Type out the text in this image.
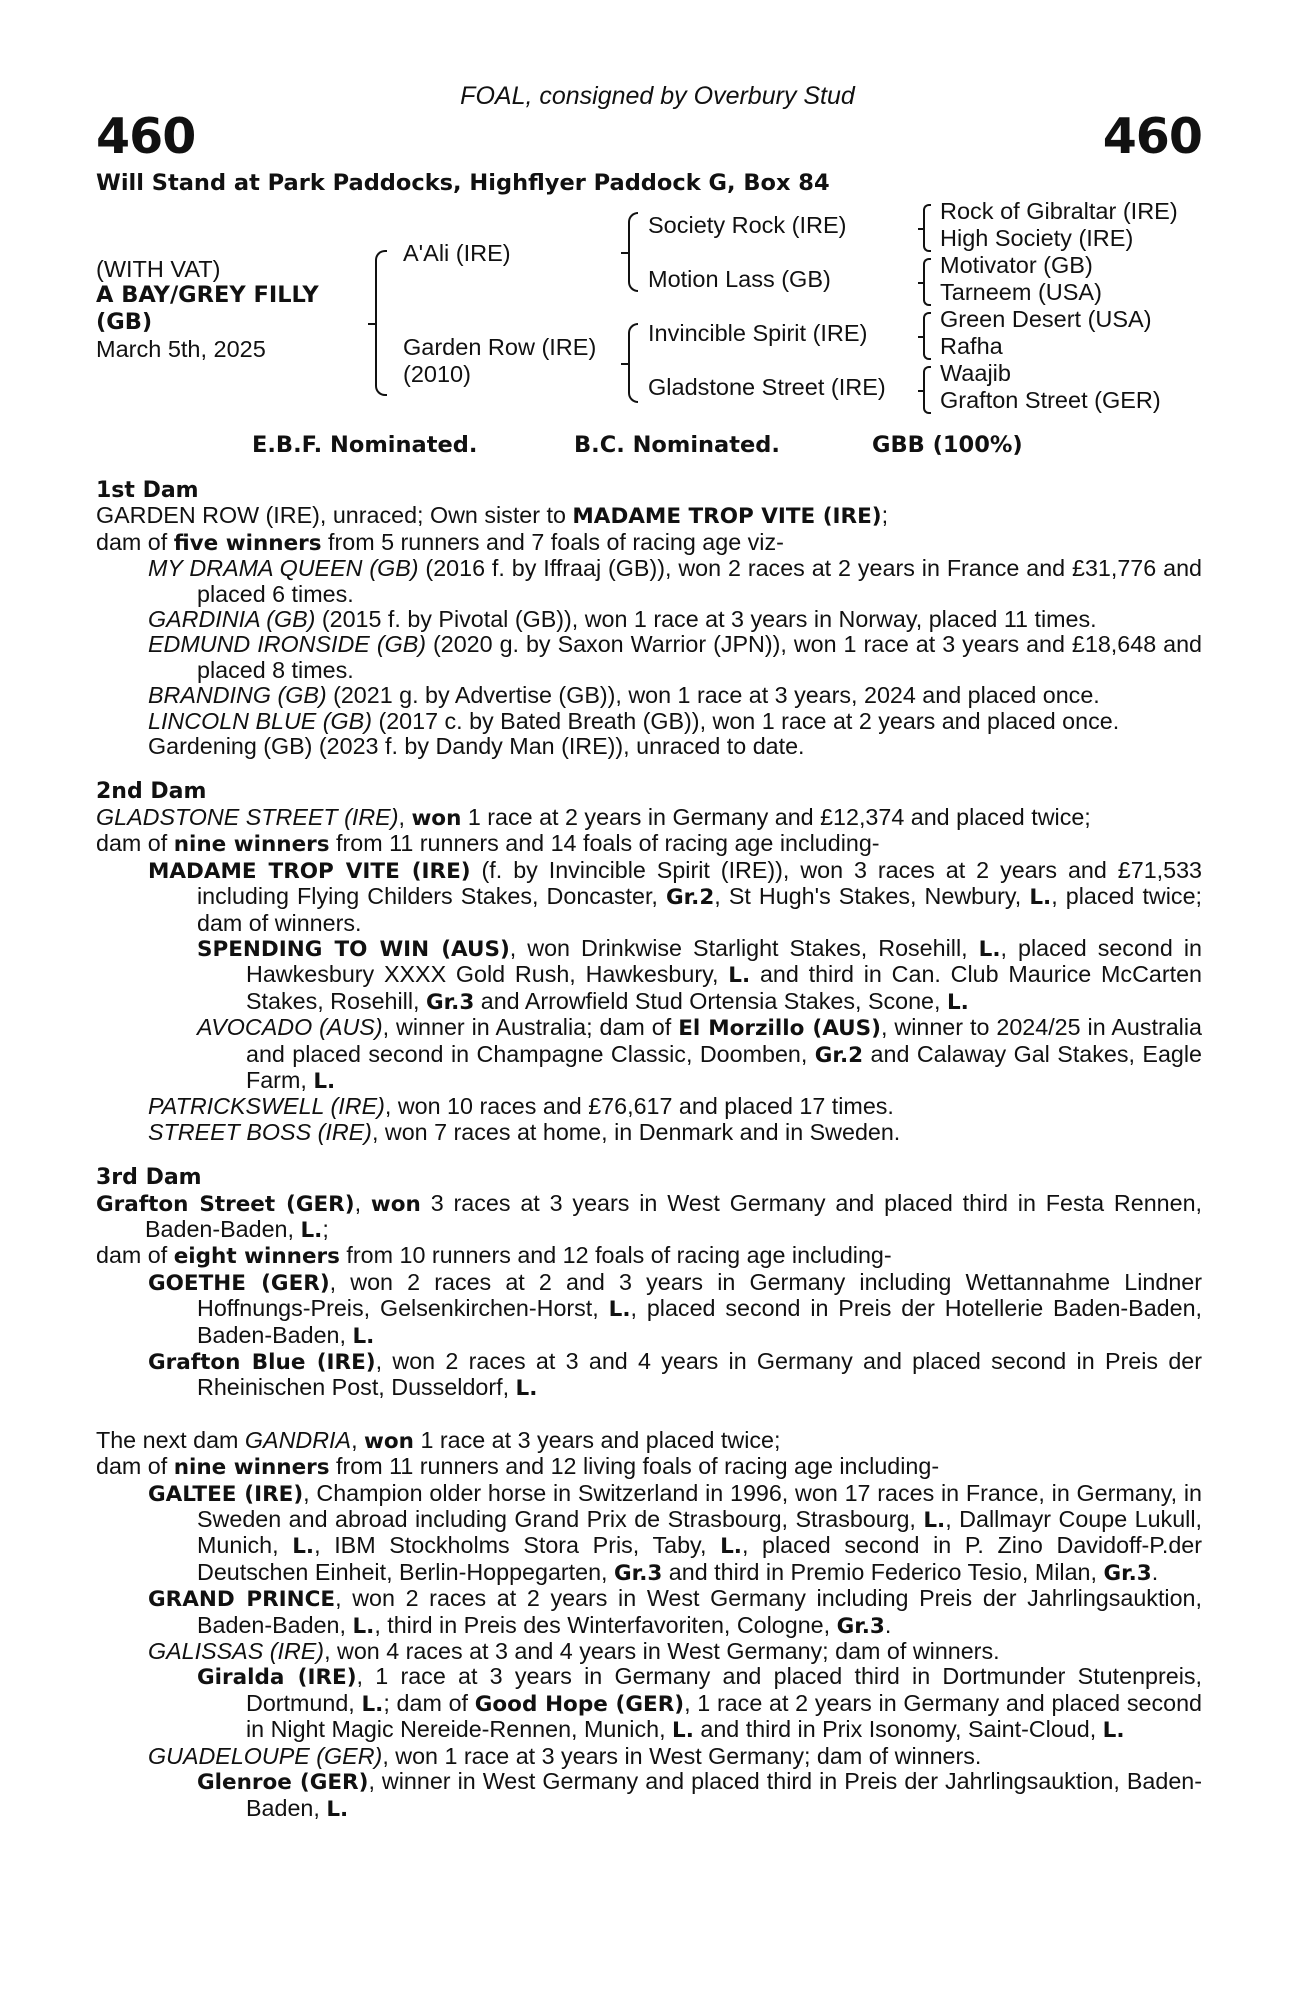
FOAL, consigned by Overbury Stud
460	460
Will Stand at Park Paddocks, Highflyer Paddock G, Box 84
(WITH VAT)
A BAY/GREY FILLY
(GB)
March 5th, 2025
A'Ali (IRE)
Garden Row (IRE)
(2010)
Society Rock (IRE)
Motion Lass (GB)
Invincible Spirit (IRE)
Gladstone Street (IRE)
Rock of Gibraltar (IRE)
High Society (IRE)
Motivator (GB)
Tarneem (USA)
Green Desert (USA)
Rafha
Waajib
Grafton Street (GER)
E.B.F. Nominated.	B.C. Nominated.	GBB (100%)

1st Dam

GARDEN ROW (IRE), unraced; Own sister to MADAME TROP VITE (IRE);

dam of five winners from 5 runners and 7 foals of racing age viz-

MY DRAMA QUEEN (GB) (2016 f. by Iffraaj (GB)), won 2 races at 2 years in France and £31,776 and placed 6 times.

GARDINIA (GB) (2015 f. by Pivotal (GB)), won 1 race at 3 years in Norway, placed 11 times.

EDMUND IRONSIDE (GB) (2020 g. by Saxon Warrior (JPN)), won 1 race at 3 years and £18,648 and placed 8 times.

BRANDING (GB) (2021 g. by Advertise (GB)), won 1 race at 3 years, 2024 and placed once.

LINCOLN BLUE (GB) (2017 c. by Bated Breath (GB)), won 1 race at 2 years and placed once.

Gardening (GB) (2023 f. by Dandy Man (IRE)), unraced to date.

2nd Dam

GLADSTONE STREET (IRE), won 1 race at 2 years in Germany and £12,374 and placed twice;

dam of nine winners from 11 runners and 14 foals of racing age including-

MADAME TROP VITE (IRE) (f. by Invincible Spirit (IRE)), won 3 races at 2 years and £71,533 including Flying Childers Stakes, Doncaster, Gr.2, St Hugh's Stakes, Newbury, L., placed twice; dam of winners.

SPENDING TO WIN (AUS), won Drinkwise Starlight Stakes, Rosehill, L., placed second in Hawkesbury XXXX Gold Rush, Hawkesbury, L. and third in Can. Club Maurice McCarten Stakes, Rosehill, Gr.3 and Arrowfield Stud Ortensia Stakes, Scone, L.

AVOCADO (AUS), winner in Australia; dam of El Morzillo (AUS), winner to 2024/25 in Australia and placed second in Champagne Classic, Doomben, Gr.2 and Calaway Gal Stakes, Eagle Farm, L.

PATRICKSWELL (IRE), won 10 races and £76,617 and placed 17 times.

STREET BOSS (IRE), won 7 races at home, in Denmark and in Sweden.

3rd Dam

Grafton Street (GER), won 3 races at 3 years in West Germany and placed third in Festa Rennen, Baden-Baden, L.;

dam of eight winners from 10 runners and 12 foals of racing age including-

GOETHE (GER), won 2 races at 2 and 3 years in Germany including Wettannahme Lindner Hoffnungs-Preis, Gelsenkirchen-Horst, L., placed second in Preis der Hotellerie Baden-Baden, Baden-Baden, L.

Grafton Blue (IRE), won 2 races at 3 and 4 years in Germany and placed second in Preis der Rheinischen Post, Dusseldorf, L.

The next dam GANDRIA, won 1 race at 3 years and placed twice;

dam of nine winners from 11 runners and 12 living foals of racing age including-

GALTEE (IRE), Champion older horse in Switzerland in 1996, won 17 races in France, in Germany, in Sweden and abroad including Grand Prix de Strasbourg, Strasbourg, L., Dallmayr Coupe Lukull, Munich, L., IBM Stockholms Stora Pris, Taby, L., placed second in P. Zino Davidoff-P.der Deutschen Einheit, Berlin-Hoppegarten, Gr.3 and third in Premio Federico Tesio, Milan, Gr.3.

GRAND PRINCE, won 2 races at 2 years in West Germany including Preis der Jahrlingsauktion, Baden-Baden, L., third in Preis des Winterfavoriten, Cologne, Gr.3.

GALISSAS (IRE), won 4 races at 3 and 4 years in West Germany; dam of winners.

Giralda (IRE), 1 race at 3 years in Germany and placed third in Dortmunder Stutenpreis, Dortmund, L.; dam of Good Hope (GER), 1 race at 2 years in Germany and placed second in Night Magic Nereide-Rennen, Munich, L. and third in Prix Isonomy, Saint-Cloud, L.

GUADELOUPE (GER), won 1 race at 3 years in West Germany; dam of winners.

Glenroe (GER), winner in West Germany and placed third in Preis der Jahrlingsauktion, Baden-Baden, L.
